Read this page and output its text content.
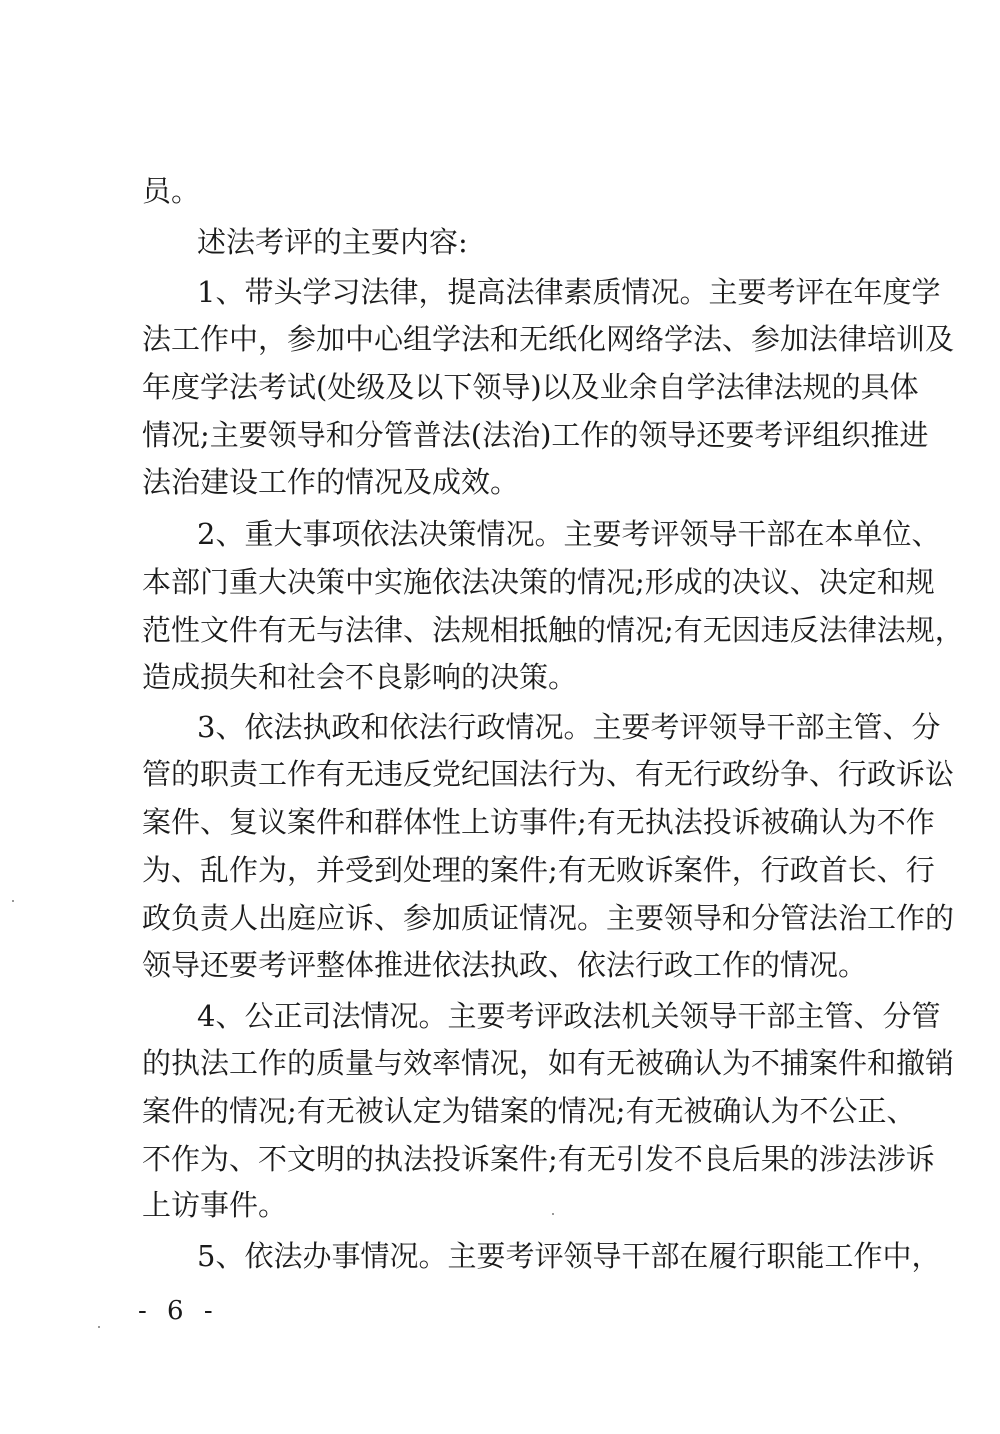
员。
述法考评的主要内容:
1、带头学习法律，提高法律素质情况。主要考评在年度学
法工作中，参加中心组学法和无纸化网络学法、参加法律培训及
年度学法考试(处级及以下领导)以及业余自学法律法规的具体
情况;主要领导和分管普法(法治)工作的领导还要考评组织推进
法治建设工作的情况及成效。
2、重大事项依法决策情况。主要考评领导干部在本单位、
本部门重大决策中实施依法决策的情况;形成的决议、决定和规
范性文件有无与法律、法规相抵触的情况;有无因违反法律法规，
造成损失和社会不良影响的决策。
3、依法执政和依法行政情况。主要考评领导干部主管、分
管的职责工作有无违反党纪国法行为、有无行政纷争、行政诉讼
案件、复议案件和群体性上访事件;有无执法投诉被确认为不作
为、乱作为，并受到处理的案件;有无败诉案件，行政首长、行
政负责人出庭应诉、参加质证情况。主要领导和分管法治工作的
领导还要考评整体推进依法执政、依法行政工作的情况。
4、公正司法情况。主要考评政法机关领导干部主管、分管
的执法工作的质量与效率情况，如有无被确认为不捕案件和撤销
案件的情况;有无被认定为错案的情况;有无被确认为不公正、
不作为、不文明的执法投诉案件;有无引发不良后果的涉法涉诉
上访事件。
5、依法办事情况。主要考评领导干部在履行职能工作中，
- 6 -
